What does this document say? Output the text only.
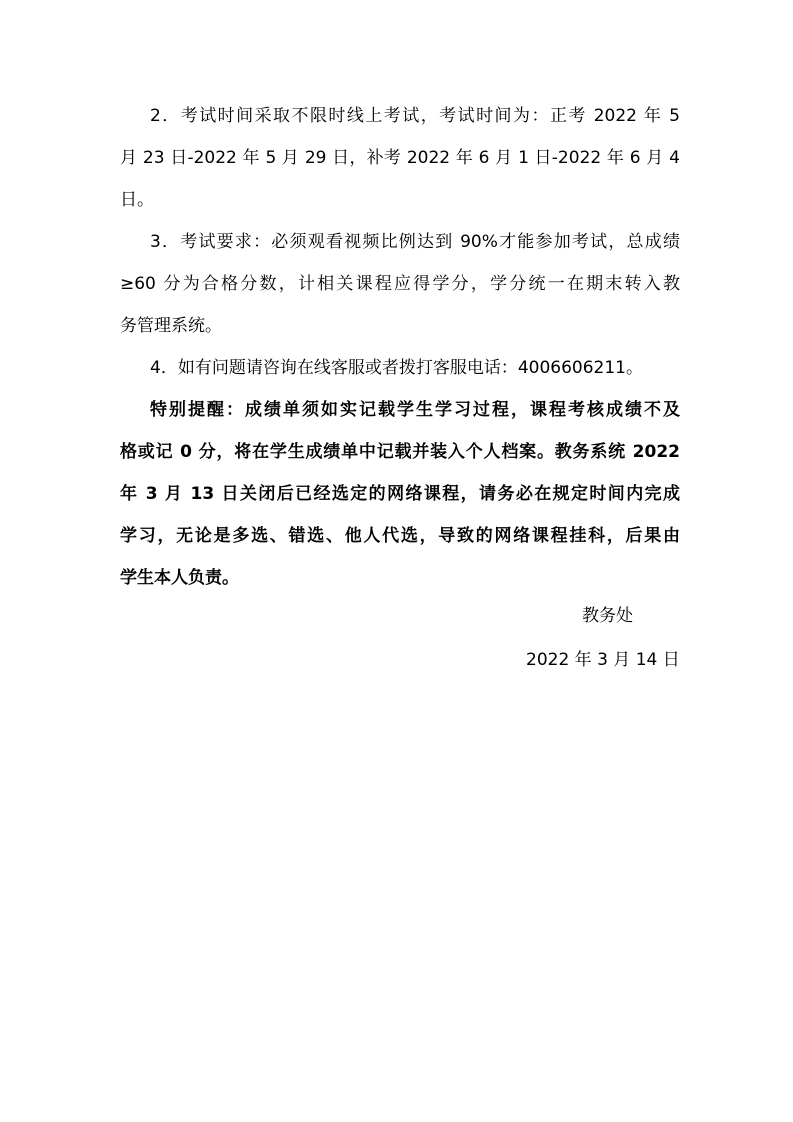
2．考试时间采取不限时线上考试，考试时间为：正考 2022 年 5
月 23 日-2022 年 5 月 29 日，补考 2022 年 6 月 1 日-2022 年 6 月 4
日。
3．考试要求：必须观看视频比例达到 90%才能参加考试，总成绩
≥60 分为合格分数，计相关课程应得学分，学分统一在期末转入教
务管理系统。
4．如有问题请咨询在线客服或者拨打客服电话：4006606211。
特别提醒：成绩单须如实记载学生学习过程，课程考核成绩不及
格或记 0 分，将在学生成绩单中记载并装入个人档案。教务系统 2022
年 3 月 13 日关闭后已经选定的网络课程，请务必在规定时间内完成
学习，无论是多选、错选、他人代选，导致的网络课程挂科，后果由
学生本人负责。
教务处
2022 年 3 月 14 日
